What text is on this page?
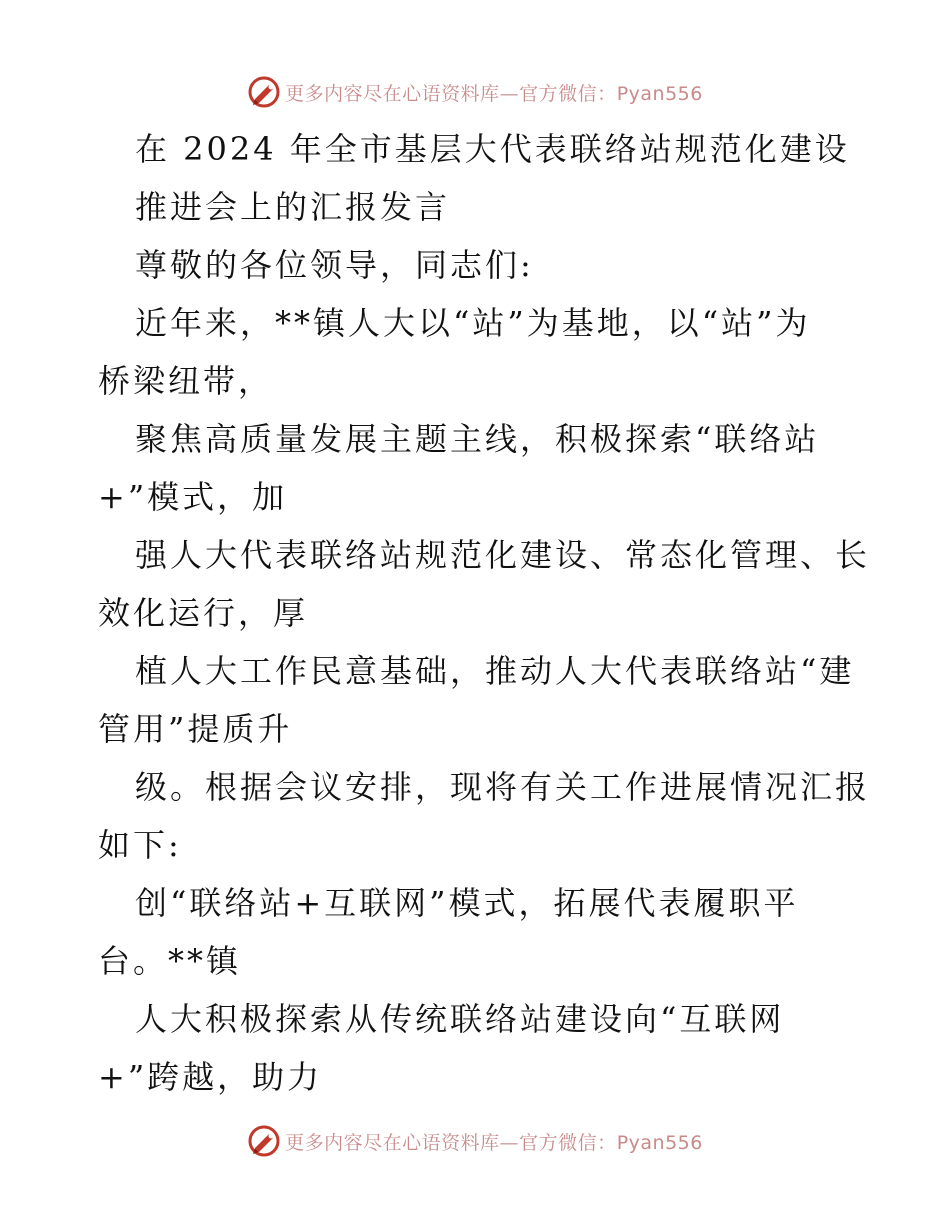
更多内容尽在心语资料库—官方微信：Pyan556
在 2024 年全市基层大代表联络站规范化建设
推进会上的汇报发言
尊敬的各位领导，同志们:
近年来，**镇人大以“站”为基地，以“站”为
桥梁纽带，
聚焦高质量发展主题主线，积极探索“联络站
+”模式，加
强人大代表联络站规范化建设、常态化管理、长
效化运行，厚
植人大工作民意基础，推动人大代表联络站“建
管用”提质升
级。根据会议安排，现将有关工作进展情况汇报
如下:
创“联络站+互联网”模式，拓展代表履职平
台。**镇
人大积极探索从传统联络站建设向“互联网
+”跨越，助力
更多内容尽在心语资料库—官方微信：Pyan556
